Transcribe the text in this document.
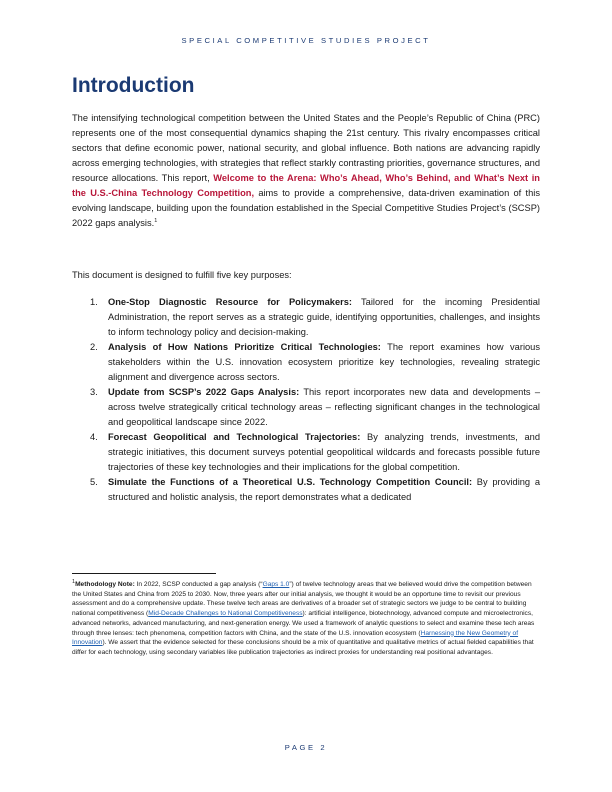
SPECIAL COMPETITIVE STUDIES PROJECT
Introduction

The intensifying technological competition between the United States and the People’s Republic of China (PRC) represents one of the most consequential dynamics shaping the 21st century. This rivalry encompasses critical sectors that define economic power, national security, and global influence. Both nations are advancing rapidly across emerging technologies, with strategies that reflect starkly contrasting priorities, governance structures, and resource allocations. This report, Welcome to the Arena: Who’s Ahead, Who’s Behind, and What’s Next in the U.S.-China Technology Competition, aims to provide a comprehensive, data-driven examination of this evolving landscape, building upon the foundation established in the Special Competitive Studies Project’s (SCSP) 2022 gaps analysis.$^1$

This document is designed to fulfill five key purposes:

1. One-Stop Diagnostic Resource for Policymakers: Tailored for the incoming Presidential Administration, the report serves as a strategic guide, identifying opportunities, challenges, and insights to inform technology policy and decision-making.
2. Analysis of How Nations Prioritize Critical Technologies: The report examines how various stakeholders within the U.S. innovation ecosystem prioritize key technologies, revealing strategic alignment and divergence across sectors.
3. Update from SCSP’s 2022 Gaps Analysis: This report incorporates new data and developments – across twelve strategically critical technology areas – reflecting significant changes in the technological and geopolitical landscape since 2022.
4. Forecast Geopolitical and Technological Trajectories: By analyzing trends, investments, and strategic initiatives, this document surveys potential geopolitical wildcards and forecasts possible future trajectories of these key technologies and their implications for the global competition.
5. Simulate the Functions of a Theoretical U.S. Technology Competition Council: By providing a structured and holistic analysis, the report demonstrates what a dedicated

$^1$Methodology Note: In 2022, SCSP conducted a gap analysis (“Gaps 1.0”) of twelve technology areas that we believed would drive the competition between the United States and China from 2025 to 2030. Now, three years after our initial analysis, we thought it would be an opportune time to revisit our previous assessment and do a comprehensive update. These twelve tech areas are derivatives of a broader set of strategic sectors we judge to be central to building national competitiveness (Mid-Decade Challenges to National Competitiveness): artificial intelligence, biotechnology, advanced compute and microelectronics, advanced networks, advanced manufacturing, and next-generation energy. We used a framework of analytic questions to select and examine these tech areas through three lenses: tech phenomena, competition factors with China, and the state of the U.S. innovation ecosystem (Harnessing the New Geometry of Innovation). We assert that the evidence selected for these conclusions should be a mix of quantitative and qualitative metrics of actual fielded capabilities that differ for each technology, using secondary variables like publication trajectories as indirect proxies for understanding real positional advantages.

PAGE 2
